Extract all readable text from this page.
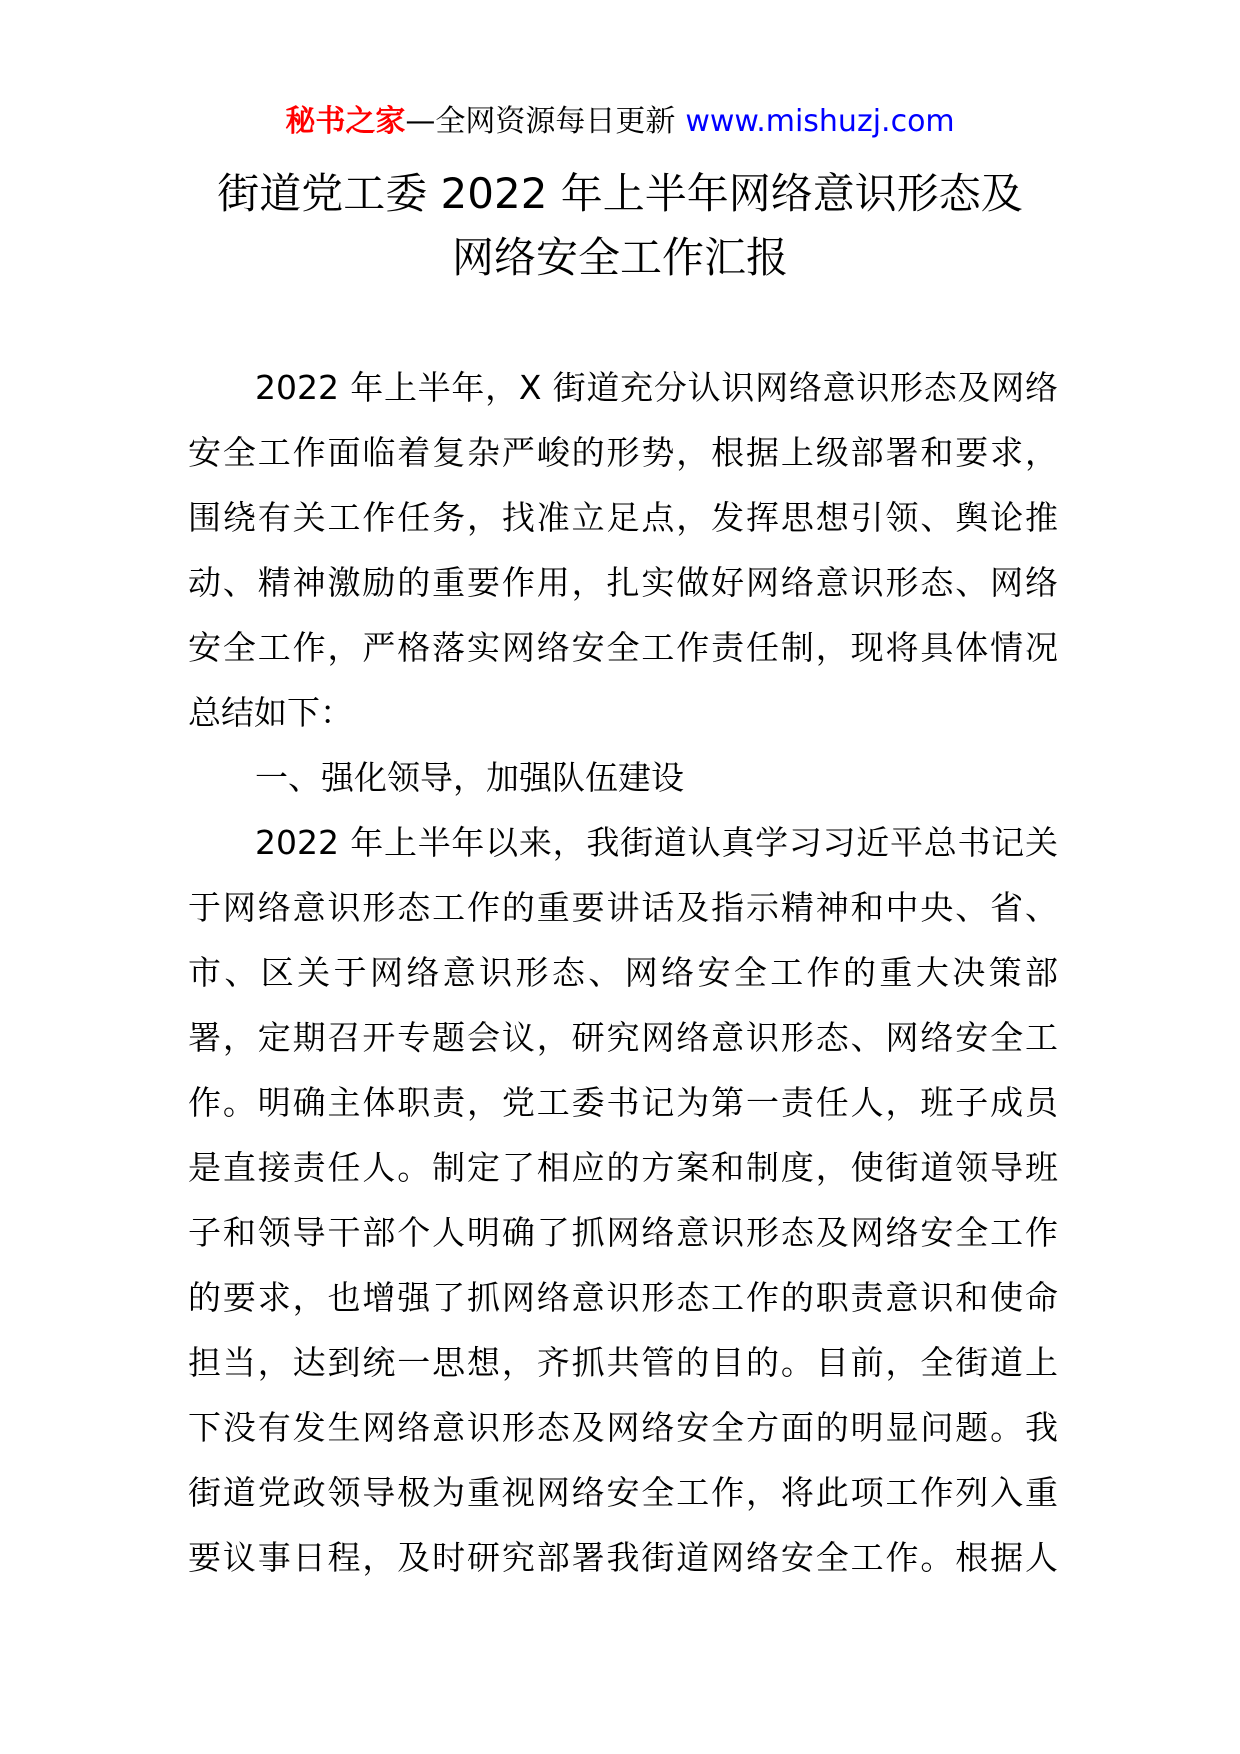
秘书之家—全网资源每日更新 www.mishuzj.com
街道党工委 2022 年上半年网络意识形态及
网络安全工作汇报
2022 年上半年，X 街道充分认识网络意识形态及网络
安全工作面临着复杂严峻的形势，根据上级部署和要求，
围绕有关工作任务，找准立足点，发挥思想引领、舆论推
动、精神激励的重要作用，扎实做好网络意识形态、网络
安全工作，严格落实网络安全工作责任制，现将具体情况
总结如下：
一、强化领导，加强队伍建设
2022 年上半年以来，我街道认真学习习近平总书记关
于网络意识形态工作的重要讲话及指示精神和中央、省、
市、区关于网络意识形态、网络安全工作的重大决策部
署，定期召开专题会议，研究网络意识形态、网络安全工
作。明确主体职责，党工委书记为第一责任人，班子成员
是直接责任人。制定了相应的方案和制度，使街道领导班
子和领导干部个人明确了抓网络意识形态及网络安全工作
的要求，也增强了抓网络意识形态工作的职责意识和使命
担当，达到统一思想，齐抓共管的目的。目前，全街道上
下没有发生网络意识形态及网络安全方面的明显问题。我
街道党政领导极为重视网络安全工作，将此项工作列入重
要议事日程，及时研究部署我街道网络安全工作。根据人
